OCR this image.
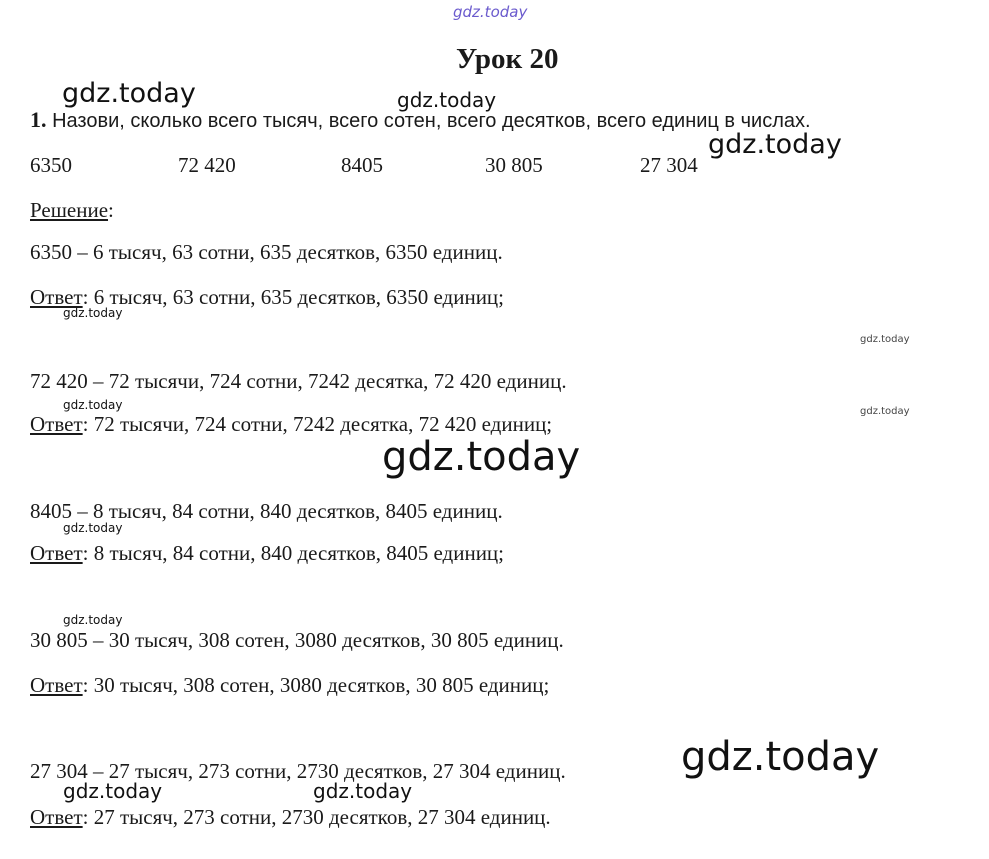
gdz.today
gdz.today	gdz.today
gdz.today
gdz.today
gdz.today
gdz.today	gdz.today
gdz.today
gdz.today
gdz.today
gdz.today
gdz.today	gdz.today
Урок 20
1. Назови, сколько всего тысяч, всего сотен, всего десятков, всего единиц в числах.
6350	72 420	8405	30 805	27 304
Решение:
6350 – 6 тысяч, 63 сотни, 635 десятков, 6350 единиц.
Ответ: 6 тысяч, 63 сотни, 635 десятков, 6350 единиц;
72 420 – 72 тысячи, 724 сотни, 7242 десятка, 72 420 единиц.
Ответ: 72 тысячи, 724 сотни, 7242 десятка, 72 420 единиц;
8405 – 8 тысяч, 84 сотни, 840 десятков, 8405 единиц.
Ответ: 8 тысяч, 84 сотни, 840 десятков, 8405 единиц;
30 805 – 30 тысяч, 308 сотен, 3080 десятков, 30 805 единиц.
Ответ: 30 тысяч, 308 сотен, 3080 десятков, 30 805 единиц;
27 304 – 27 тысяч, 273 сотни, 2730 десятков, 27 304 единиц.
Ответ: 27 тысяч, 273 сотни, 2730 десятков, 27 304 единиц.
